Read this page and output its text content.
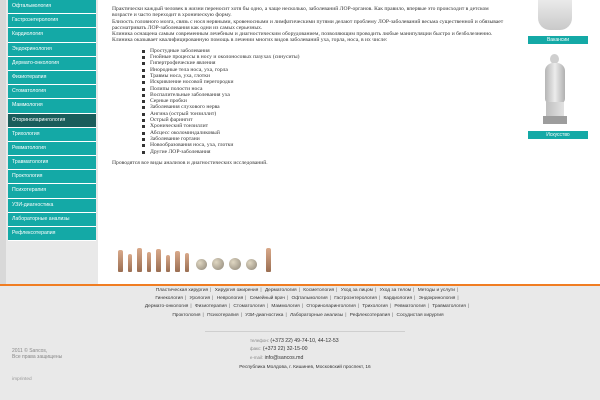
Офтальмология
Гастроэнтерология
Кардиология
Эндокринология
Дермато-онкология
Физиотерапия
Стоматология
Маммология
Оториноларингология
Трихология
Ревматология
Травматология
Проктология
Психотерапия
УЗИ-диагностика
Лабораторные анализы
Рефлексотерапия

Практически каждый человек в жизни переносит хотя бы одно, а чаще несколько, заболеваний ЛОР-органов. Как правило, впервые это происходит в детском возрасте и часто переходит в хроническую форму.

Близость головного мозга, связь с нося нервными, кровеносными и лимфатическими путями делают проблему ЛОР-заболеваний весьма существенной и обязывает рассматривать ЛОР-заболевания как одни из самых серьезных.

Клиника оснащена самым современным лечебным и диагностическим оборудованием, позволяющим проводить любые манипуляции быстро и безболезненно.

Клиника оказывает квалифицированную помощь в лечении многих видов заболеваний уха, горла, носа, в их числе:

Простудные заболевания
Гнойные процессы в носу и околоносовых пазухах (синуситы)
Гипертрофические явления
Инородные тела носа, уха, горла
Травмы носа, уха, глотки
Искривление носовой перегородки
Полипы полости носа
Воспалительные заболевания уха
Серные пробки
Заболевания слухового нерва
Ангина (острый тонзиллит)
Острый фарингит
Хронический тонзиллит
Абсцесс околоминдаликовый
Заболевание гортани
Новообразования носа, уха, глотки
Другие ЛОР-заболевания

Проводятся все виды анализов и диагностических исследований.

Вакансии
Искусство
Пластическая хирургия | Хирургия ожирения | Дерматология | Косметология | Уход за лицом | Уход за телом | Методы и услуги |
Гинекология | Урология | Неврология | Семейный врач | Офтальмология | Гастроэнтерология | Кардиология | Эндокринология |
Дермато-онкология | Физиотерапия | Стоматология | Маммология | Оториноларингология | Трихология | Ревматология | Травматология |
Проктология | Психотерапия | УЗИ-диагностика | Лабораторные анализы | Рефлексотерапия | Сосудистая хирургия
2011 © Sancos,
Все права защищены
imprinted
телефон: (+373 22) 49-74-10, 44-12-53
факс: (+373 22) 32-15-00
e-mail: info@sancos.md
Республика Молдова, г. Кишинев, Московский проспект, 16
